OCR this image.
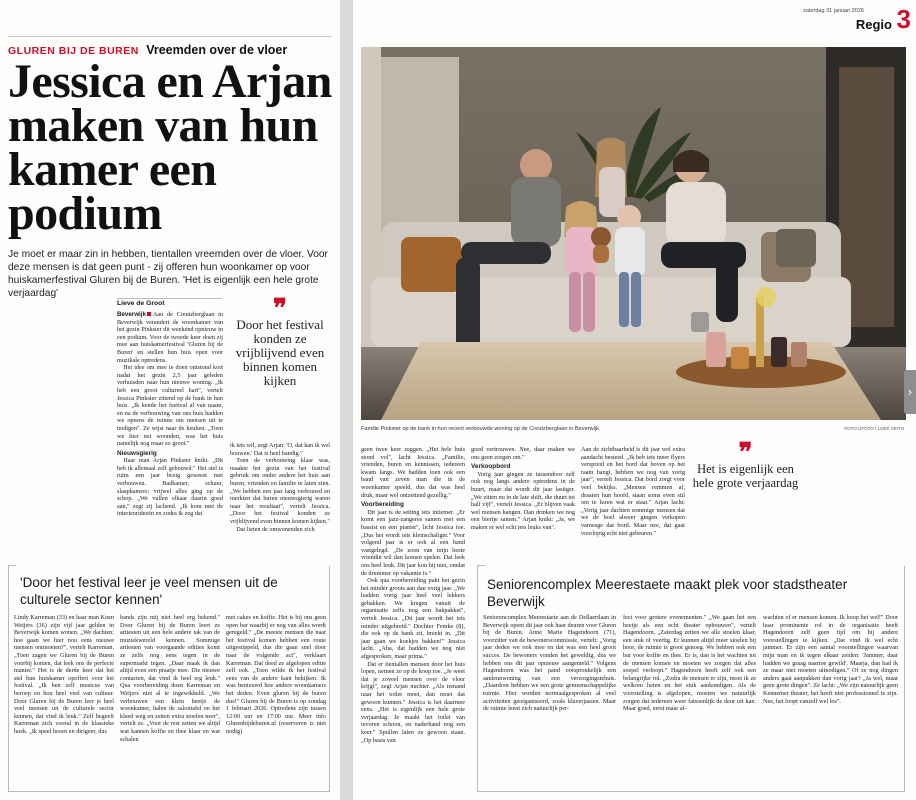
GLUREN BIJ DE BUREN Vreemden over de vloer
Jessica en Arjan maken van hun kamer een podium

Je moet er maar zin in hebben, tientallen vreemden over de vloer. Voor deze mensen is dat geen punt - zij offeren hun woonkamer op voor huiskamerfestival Gluren bij de Buren. 'Het is eigenlijk een hele grote verjaardag'

Lieve de Groot

Beverwijk Aan de Creutzberglaan in Beverwijk verandert de woonkamer van het gezin Pinkster dit weekend opnieuw in een podium. Voor de tweede keer doen zij mee aan huiskamerfestival 'Gluren bij de Buren' en stellen hun huis open voor muzikale optredens.

 Het idee om mee te doen ontstond kort nadat het gezin 2,5 jaar geleden verhuisden naar hun nieuwe woning. „Ik heb een groot cultureel hart", vertelt Jessica Pinkster zittend op de bank in hun huis. „Ik kende het festival al van naam, en na de verbouwing van ons huis hadden we opeens de ruimte om mensen uit te nodigen". Ze wijst naar de keuken. „Toen we hier net woonden, was het huis namelijk nog maar zo groot."

Nieuwsgierig

 Haar man Arjan Pinkster knikt. „Dit heb ik allemaal zelf gebouwd." Het stel is ruim een jaar bezig geweest met verbouwen. Badkamer, schuur, slaapkamers: vrijwel alles ging op de schop. „We vullen elkaar daarin goed aan," zegt zij lachend. „Ik kom met de interieurideeën en zodra ik zeg dat

ik iets wil, zegt Arjan: 'O, dat kan ik wel bouwen.' Dat is heel handig."

 Toen de verbouwing klaar was, maakte het gezin van het festival gebruik om onder andere het huis aan buren, vrienden en familie te laten zien. „We hebben een jaar lang verbouwd en merkten dat buren nieuwsgierig waren naar het resultaat", vertelt Jessica. „Door het festival konden ze vrijblijvend even binnen komen kijken."

 Dat lieten de omwonenden zich

❞
Door het festival konden ze vrijblijvend even binnen komen kijken
'Door het festival leer je veel mensen uit de culturele sector kennen'

Lindy Karreman (33) en haar man Koen Weijers (36) zijn vijf jaar gelden in Beverwijk komen wonen. „We dachten: hoe gaan we hier nou eens nieuwe mensen ontmoeten?", vertelt Karreman. „Toen zagen we Gluren bij de Buren voorbij komen, dat leek ons de perfecte manier." Het is de derde keer dat het stel hun huiskamer opoffert voor het festival. „Ik ben zelf musicus van beroep en hou heel veel van cultuur. Door Gluren bij de Buren leer je heel veel mensen uit de culturele sector kennen, dat vind ik leuk." Zelf begeeft Karreman zich vooral in de klassieke hoek. „Ik speel hoorn en dirigeer, dus

bands zijn mij niet heel erg bekend." Door Gluren bij de Buren leert ze artiesten uit een hele andere tak van de muziekwereld kennen. Sommige artiesten van voorgaande edities komt ze zelfs nog eens tegen in de supermarkt tegen. „Daar maak ik dan altijd even een praatje mee. Die nieuwe contacten, dat vind ik heel erg leuk." Qua voorbereiding doen Karreman en Weijers niet al te ingewikkeld. „We verbouwen een klein beetje de woonkamer, halen de salontafel en het kleed weg en zetten extra stoelen neer", vertelt ze. „Voor de rest zetten we altijd wat kannen koffie en thee klaar en wat schalen

met cakes en koffie. Het is bij ons geen open bar waarbij er nog van alles wordt geregeld." „De meeste mensen die naar het festival komen hebben een route uitgestippeld, dus die gaan snel door naar de volgende act", verklaart Karreman. Dat deed ze afgelopen editie zelf ook. „Toen wilde ik het festival eens van de andere kant bekijken. Ik was benieuwd hoe andere woonkamers het deden. Even gluren bij de buren dus!" Gluren bij de Buren is op zondag 1 februari 2026. Optredens zijn tussen 12:00 uur en 17:00 uur. Meer info Glurenbijdeburen.nl (reserveren is niet nodig)

zaterdag 31 januari 2026
Regio 3
Familie Pinkster op de bank in hun recent verbouwde woning op de Creutzberglaan in Beverwijk.	FOTO UFOTO / LOEK VEITH

geen twee keer zeggen. „Het hele huis stond vol", lacht Jessica. „Familie, vrienden, buren en kennissen, iedereen kwam langs. We hadden toen ook een band van zeven man die in de woonkamer speeld, dus dat was heel druk, maar wel ontzettend gezellig."

Voorbereiding

 Dit jaar is de setting iets intiemer. „Er komt een jazz-zangeres samen met een bassist en een pianist", licht Jessica toe. „Dus het wordt iets kleinschaliger." Voor volgend jaar is er ook al een band vastgelegd. „De zoon van mijn beste vriendin wil dan komen spelen. Dat leek ons heel leuk. Dit jaar kon hij niet, omdat de drummer op vakantie is."

 Ook qua voorbereiding pakt het gezin het minder groots aan dan vorig jaar. „We hadden vorig jaar heel veel lekkers gebakken. We kregen vanuit de organisatie zelfs nog een bakpakket", vertelt Jessica. „Dit jaar wordt het iets minder uitgebreid." Dochter Femke (8), die ook op de bank zit, breekt in. „Dit jaar gaan we koekjes bakken!" Jessica lacht. „Aha, dat hadden we nog niet afgesproken, maar prima."

 Dat er tientallen mensen door het huis lopen, nemen ze op de koop toe. „Je weet dat je zoveel mensen over de vloer krijgt", zegt Arjan nuchter. „Als iemand naar het toilet moet, dan moet dat gewoon kunnen." Jessica is het daarmee eens. „Het is eigenlijk een hele grote verjaardag. Je maakt het toilet van tevoren schoon, en naderhand nog een keer." Spullen laten ze gewoon staan. „Op basis van

goed vertrouwen. Nee, daar maken we ons geen zorgen om."

Verkoopbord

 Vorig jaar gingen ze tussendoor zelf ook nog langs andere optredens in de buurt, maar dat wordt dit jaar lastiger. „We zitten nu in de late shift, die duurt tot half vijf", vertelt Jessica. „Er blijven vaak wel mensen hangen. Dan drinken we nog een biertje samen." Arjan knikt: „Ja, we maken er wel echt iets leuks van".

Aan de zichtbaarheid is dit jaar wel extra aandacht besteed. „Ik heb iets meer flyers verspreid en het bord dat boven op het raam hangt, hebben we nog van vorig jaar", vertelt Jessica. Dat bord zorgt voor veel bekijks. „Mensen remmen af, draaien hun hoofd, staan soms even stil om te lezen wat er staat." Arjan lacht: „Vorig jaar dachten sommige mensen dat we de boel alweer gingen verkopen vanwege dat bord. Maar nee, dat gaat voorlopig echt niet gebeuren."

❞
Het is eigenlijk een hele grote verjaardag
Seniorencomplex Meerestaete maakt plek voor stadstheater Beverwijk

Seniorencomplex Meerestaete aan de Dellaertlaan in Beverwijk opent dit jaar ook haar deuren voor Gluren bij de Buren. Anne Marie Hagendoorn (71), voorzitter van de bewonerscommissie, vertelt: „Vorig jaar deden we ook mee en dat was een heel groot succes. De bewoners vonden het geweldig, dus we hebben ons dit jaar opnieuw aangemeld." Volgens Hagendoorn was het pand oorspronkelijk een aanleunwoning van een verzorgingstehuis. „Daardoor hebben we een grote gemeenschappelijke ruimte. Hier worden normaalgesproken al veel activiteiten georganiseerd, zoals klaverjassen. Maar de ruimte leent zich natuurlijk per-

fect voor grotere evenementen." „We gaan het een beetje als een echt theater opbouwen", vertelt Hagendoorn. „Zaterdag zetten we alle stoelen klaar, een stuk of veertig. Er kunnen altijd meer stoelen bij hoor, de ruimte is groot genoeg. We hebben ook een bar voor koffie en thee. Er is, dan is het wachten tot de mensen komen en moeten we zorgen dat alles soepel verloopt." Hagendoorn heeft zelf ook een belangrijke rol. „Zodra de mensen er zijn, moet ik ze welkom heten en het stuk aankondigen. Als de voorstelling is afgelopen, moeten we natuurlijk zorgen dat iedereen weer fatsoenlijk de deur uit kan. Maar goed, eerst maar af-

wachten of er mensen komen. Ik hoop het wel!" Door haar prominente rol in de organisatie heeft Hagendoorn zelf geen tijd om bij andere voorstellingen te kijken. „Dat vind ik wel echt jammer. Er zijn een aantal voorstellingen waarvan mijn man en ik tegen elkaar zeiden: 'Jammer, daar hadden we graag naartoe gewild'. Maarja, dan had ik ze maar niet moeten uitnodigen." Of ze nog dingen anders gaat aanpakken dan vorig jaar? „Ja wel, maar geen grote dingen". Ze lacht: „We zijn natuurlijk geen Kennemer theater, het heeft niet professioneel te zijn. Nee, het loopt vanzelf wel los".

›
